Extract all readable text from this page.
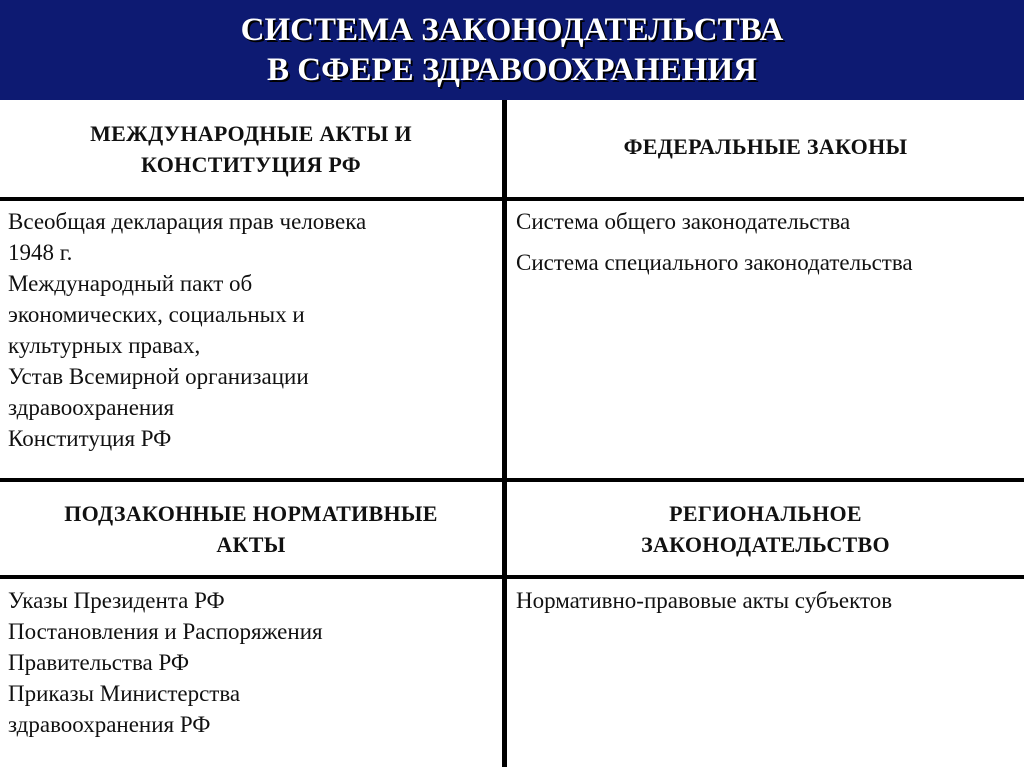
СИСТЕМА ЗАКОНОДАТЕЛЬСТВА
В СФЕРЕ ЗДРАВООХРАНЕНИЯ
МЕЖДУНАРОДНЫЕ АКТЫ И
КОНСТИТУЦИЯ РФ
ФЕДЕРАЛЬНЫЕ ЗАКОНЫ
Всеобщая декларация прав человека
1948 г.
Международный пакт об
экономических, социальных и
культурных правах,
Устав Всемирной организации
здравоохранения
Конституция РФ
Система общего законодательства
Система специального законодательства
ПОДЗАКОННЫЕ НОРМАТИВНЫЕ
АКТЫ
РЕГИОНАЛЬНОЕ
ЗАКОНОДАТЕЛЬСТВО
Указы Президента РФ
Постановления и Распоряжения
Правительства РФ
Приказы Министерства
здравоохранения РФ
Нормативно-правовые акты субъектов
